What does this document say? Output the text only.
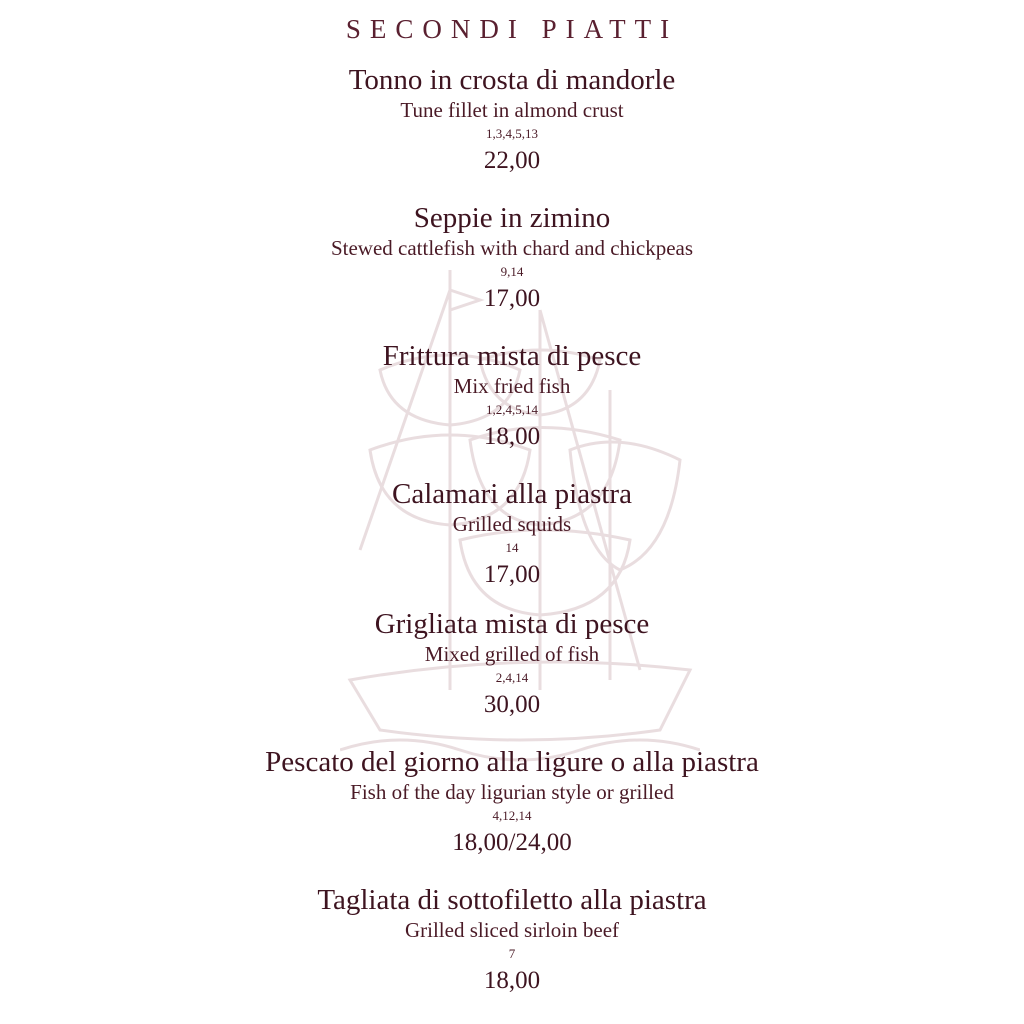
SECONDI PIATTI
Tonno in crosta di mandorle
Tune fillet in almond crust
1,3,4,5,13
22,00
Seppie in zimino
Stewed cattlefish with chard and chickpeas
9,14
17,00
Frittura mista di pesce
Mix fried fish
1,2,4,5,14
18,00
Calamari alla piastra
Grilled squids
14
17,00
Grigliata mista di pesce
Mixed grilled of fish
2,4,14
30,00
Pescato del giorno alla ligure o alla piastra
Fish of the day ligurian style or grilled
4,12,14
18,00/24,00
Tagliata di sottofiletto alla piastra
Grilled sliced sirloin beef
7
18,00
